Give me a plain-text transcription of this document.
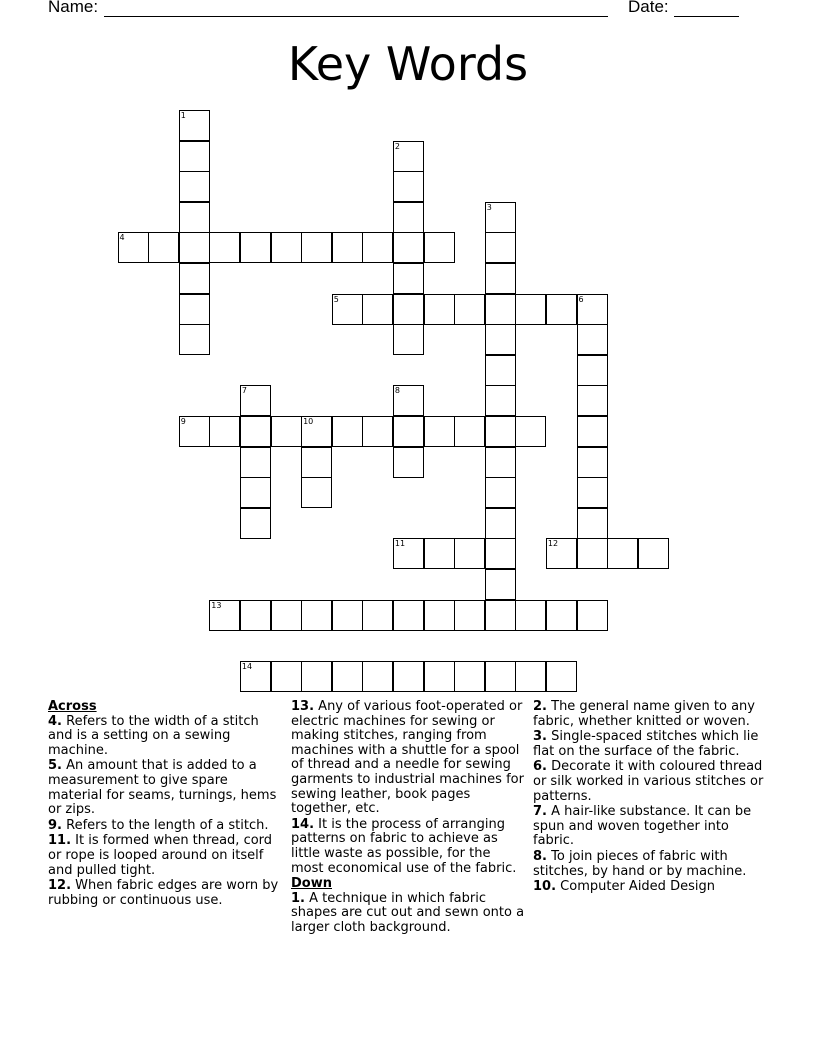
Name:	Date:
Key Words
1
2
3
4
5	6
7	8
9	10
11	12
13
14
Across
4. Refers to the width of a stitch and is a setting on a sewing machine.
5. An amount that is added to a measurement to give spare material for seams, turnings, hems or zips.
9. Refers to the length of a stitch.
11. It is formed when thread, cord or rope is looped around on itself and pulled tight.
12. When fabric edges are worn by rubbing or continuous use.
13. Any of various foot-operated or electric machines for sewing or making stitches, ranging from machines with a shuttle for a spool of thread and a needle for sewing garments to industrial machines for sewing leather, book pages together, etc.
14. It is the process of arranging patterns on fabric to achieve as little waste as possible, for the most economical use of the fabric.
Down
1. A technique in which fabric shapes are cut out and sewn onto a larger cloth background.
2. The general name given to any fabric, whether knitted or woven.
3. Single-spaced stitches which lie flat on the surface of the fabric.
6. Decorate it with coloured thread or silk worked in various stitches or patterns.
7. A hair-like substance. It can be spun and woven together into fabric.
8. To join pieces of fabric with stitches, by hand or by machine.
10. Computer Aided Design
